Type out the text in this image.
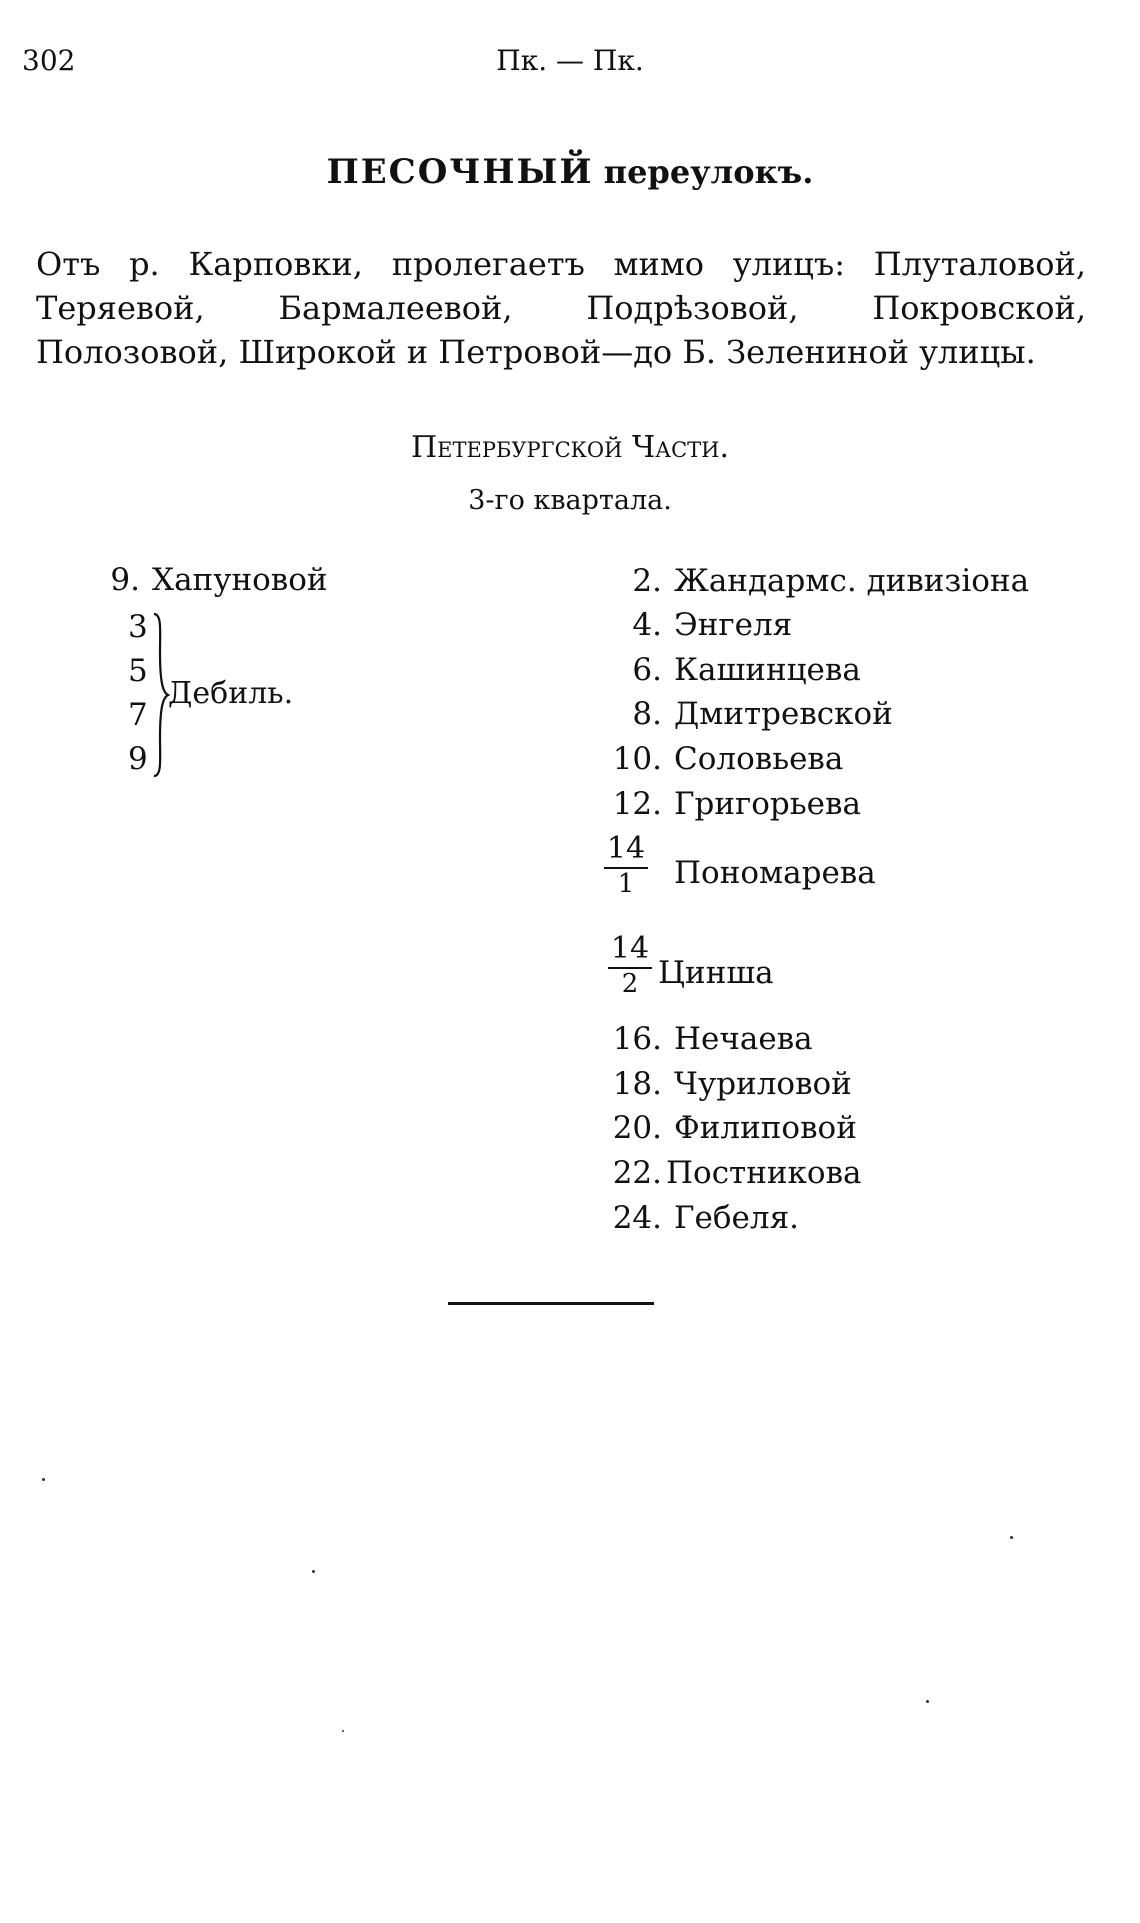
302	Пк. — Пк.
ПЕСОЧНЫЙ переулокъ.
Отъ р. Карповки, пролегаетъ мимо улицъ: Плуталовой, Теряевой, Бармалеевой, Подрѣзовой, Покровской, Полозовой, Широкой и Петровой—до Б. Зелениной улицы.
Петербургской Части.
3-го квартала.
9. Хапуновой
3
5
7
9
Дебиль.
2. Жандармс. дивизіона
4. Энгеля
6. Кашинцева
8. Дмитревской
10. Соловьева
12. Григорьева
14
1	Пономарева
14
2 Цинша
16. Нечаева
18. Чуриловой
20. Филиповой
22. Постникова
24. Гебеля.
